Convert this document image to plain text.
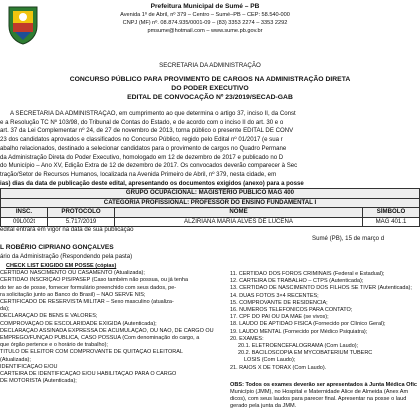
Prefeitura Municipal de Sumé – PB
Avenida 1º de Abril, nº 379 – Centro – Sumé–PB – CEP: 58.540-000
CNPJ (MF) nº. 08.874.935/0001-09 – (83) 3353 2274 – 3353 2292
pmsume@hotmail.com – www.sume.pb.gov.br
SECRETARIA DA ADMINISTRAÇÃO
CONCURSO PÚBLICO PARA PROVIMENTO DE CARGOS NA ADMINISTRAÇÃO DIRETA
DO PODER EXECUTIVO
EDITAL DE CONVOCAÇÃO Nº 23/2019/SECAD-GAB

A SECRETARIA DA ADMINISTRAÇÃO, em cumprimento ao que determina o artigo 37, inciso II, da Const

e a Resolução TC Nº 103/98, do Tribunal de Contas do Estado, e de acordo com o inciso II do art. 30 e o

art. 37 da Lei Complementar nº 24, de 27 de novembro de 2013, torna público o presente EDITAL DE CONV

23 dos candidatos aprovados e classificados no Concurso Público, regido pelo Edital nº 01/2017 (e sua r

abalho relacionados, destinado a selecionar candidatos para o provimento de cargos no Quadro Permane

da Administração Direta do Poder Executivo, homologado em 12 de dezembro de 2017 e publicado no D

do Município – Ano XV, Edição Extra de 12 de dezembro de 2017. Os convocados deverão comparecer à Sec

tração/Setor de Recursos Humanos, localizada na Avenida Primeiro de Abril, nº 379, nesta cidade, em

ias) dias da data de publicação deste edital, apresentando os documentos exigidos (anexo) para a posse

GRUPO OCUPACIONAL: MAGISTÉRIO PÚBLICO MAG 400			
CATEGORIA PROFISSIONAL: PROFESSOR DO ENSINO FUNDAMENTAL I			
INSC.	PROTOCOLO	NOME	SÍMBOLO
09L002t	5.717/2019	ALZIRIANA MARIA ALVES DE LUCENA	MAG 401.1
edital entrará em vigor na data de sua publicação
Sumé (PB), 15 de março d
L ROBÉRIO CIPRIANO GONÇALVES
ário da Administração (Respondendo pela pasta)
CHECK LIST EXIGIDO EM POSSE (cópias)
CERTIDÃO NASCIMENTO OU CASAMENTO (Atualizada);
CERTIDÃO INSCRIÇÃO PIS/PASEP (Caso também não possua, ou já tenha
do ter ao de posse, fornecer formulário preenchido com seus dados, pe-
ra solicitação junto ao Banco do Brasil) – NÃO SERVE NIS;
CERTIFICADO DE RESERVISTA MILITAR – Sexo masculino (atualiza-
da);
DECLARAÇÃO DE BENS E VALORES;
COMPROVAÇÃO DE ESCOLARIDADE EXIGIDA (Autenticada);
DECLARAÇÃO ASSINADA EXPRESSA DE ACUMULAÇÃO, OU NÃO, DE CARGO OU
EMPREGO/FUNÇÃO PÚBLICA, CASO POSSUA (Com denominação do cargo, a
que órgão pertence e o horário de trabalho);
TÍTULO DE ELEITOR COM COMPROVANTE DE QUITAÇÃO ELEITORAL
(Atualizada);
IDENTIFICAÇÃO E/OU
CARTEIRA DE IDENTIFICAÇÃO E/OU HABILITAÇÃO PARA O CARGO
DE MOTORISTA (Autenticada);
11. CERTIDÃO DOS FOROS CRIMINAIS (Federal e Estadual);
12. CARTEIRA DE TRABALHO – CTPS (Autenticada);
13. CERTIDÃO DE NASCIMENTO DOS FILHOS SE TIVER (Autenticada);
14. DUAS FOTOS 3×4 RECENTES;
15. COMPROVANTE DE RESIDÊNCIA;
16. NÚMEROS TELEFÔNICOS PARA CONTATO;
17. CPF DO PAI OU DA MÃE (se vivos);
18. LAUDO DE APTIDÃO FÍSICA (Fornecido por Clínico Geral);
19. LAUDO MENTAL (Fornecido por Médico Psiquiatra);
20. EXAMES:
20.1. ELETROENCEFALOGRAMA (Com Laudo);
20.2. BACILOSCOPIA EM MYCOBATERIUM TUBERC
LOSIS (Com Laudo);
21. RAIOS X DE TÓRAX (Com Laudo).
OBS: Todos os exames deverão ser apresentados à Junta Médica Ofic
Município (JMM), no Hospital e Maternidade Alice de Almeida (Anex Am
dicos), com seus laudos para parecer final. Apresentar na posse o laud
gerado pela junta da JMM.
